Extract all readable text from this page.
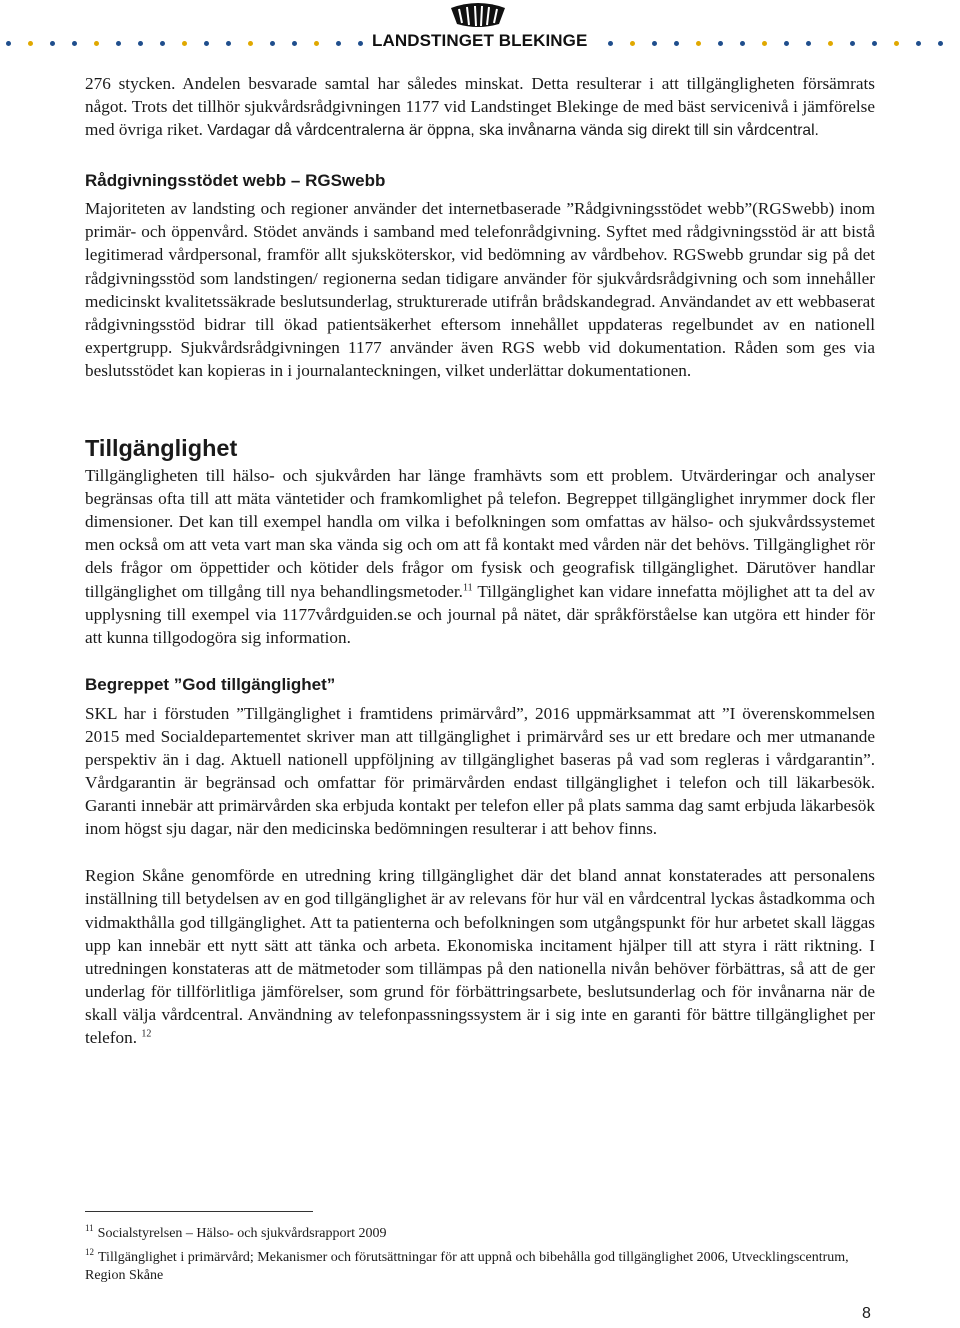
LANDSTINGET BLEKINGE

276 stycken. Andelen besvarade samtal har således minskat. Detta resulterar i att tillgängligheten försämrats något. Trots det tillhör sjukvårdsrådgivningen 1177 vid Landstinget Blekinge de med bäst servicenivå i jämförelse med övriga riket. Vardagar då vårdcentralerna är öppna, ska invånarna vända sig direkt till sin vårdcentral.

Rådgivningsstödet webb – RGSwebb

Majoriteten av landsting och regioner använder det internetbaserade ”Rådgivningsstödet webb”(RGSwebb) inom primär- och öppenvård. Stödet används i samband med telefonrådgivning. Syftet med rådgivningsstöd är att bistå legitimerad vårdpersonal, framför allt sjuksköterskor, vid bedömning av vårdbehov. RGSwebb grundar sig på det rådgivningsstöd som landstingen/ regionerna sedan tidigare använder för sjukvårdsrådgivning och som innehåller medicinskt kvalitetssäkrade beslutsunderlag, strukturerade utifrån brådskandegrad. Användandet av ett webbaserat rådgivningsstöd bidrar till ökad patientsäkerhet eftersom innehållet uppdateras regelbundet av en nationell expertgrupp. Sjukvårdsrådgivningen 1177 använder även RGS webb vid dokumentation. Råden som ges via beslutsstödet kan kopieras in i journalanteckningen, vilket underlättar dokumentationen.

Tillgänglighet

Tillgängligheten till hälso- och sjukvården har länge framhävts som ett problem. Utvärderingar och analyser begränsas ofta till att mäta väntetider och framkomlighet på telefon. Begreppet tillgänglighet inrymmer dock fler dimensioner. Det kan till exempel handla om vilka i befolkningen som omfattas av hälso- och sjukvårdssystemet men också om att veta vart man ska vända sig och om att få kontakt med vården när det behövs. Tillgänglighet rör dels frågor om öppettider och kötider dels frågor om fysisk och geografisk tillgänglighet. Därutöver handlar tillgänglighet om tillgång till nya behandlingsmetoder.$^{11}$ Tillgänglighet kan vidare innefatta möjlighet att ta del av upplysning till exempel via 1177vårdguiden.se och journal på nätet, där språkförståelse kan utgöra ett hinder för att kunna tillgodogöra sig information.

Begreppet ”God tillgänglighet”

SKL har i förstuden ”Tillgänglighet i framtidens primärvård”, 2016 uppmärksammat att ”I överenskommelsen 2015 med Socialdepartementet skriver man att tillgänglighet i primärvård ses ur ett bredare och mer utmanande perspektiv än i dag. Aktuell nationell uppföljning av tillgänglighet baseras på vad som regleras i vårdgarantin”. Vårdgarantin är begränsad och omfattar för primärvården endast tillgänglighet i telefon och till läkarbesök. Garanti innebär att primärvården ska erbjuda kontakt per telefon eller på plats samma dag samt erbjuda läkarbesök inom högst sju dagar, när den medicinska bedömningen resulterar i att behov finns.

Region Skåne genomförde en utredning kring tillgänglighet där det bland annat konstaterades att personalens inställning till betydelsen av en god tillgänglighet är av relevans för hur väl en vårdcentral lyckas åstadkomma och vidmakthålla god tillgänglighet. Att ta patienterna och befolkningen som utgångspunkt för hur arbetet skall läggas upp kan innebär ett nytt sätt att tänka och arbeta. Ekonomiska incitament hjälper till att styra i rätt riktning. I utredningen konstateras att de mätmetoder som tillämpas på den nationella nivån behöver förbättras, så att de ger underlag för tillförlitliga jämförelser, som grund för förbättringsarbete, beslutsunderlag och för invånarna när de skall välja vårdcentral. Användning av telefonpassningssystem är i sig inte en garanti för bättre tillgänglighet per telefon. $^{12}$

$^{11}$ Socialstyrelsen – Hälso- och sjukvårdsrapport 2009

$^{12}$ Tillgänglighet i primärvård; Mekanismer och förutsättningar för att uppnå och bibehålla god tillgänglighet 2006, Utvecklingscentrum, Region Skåne

8
